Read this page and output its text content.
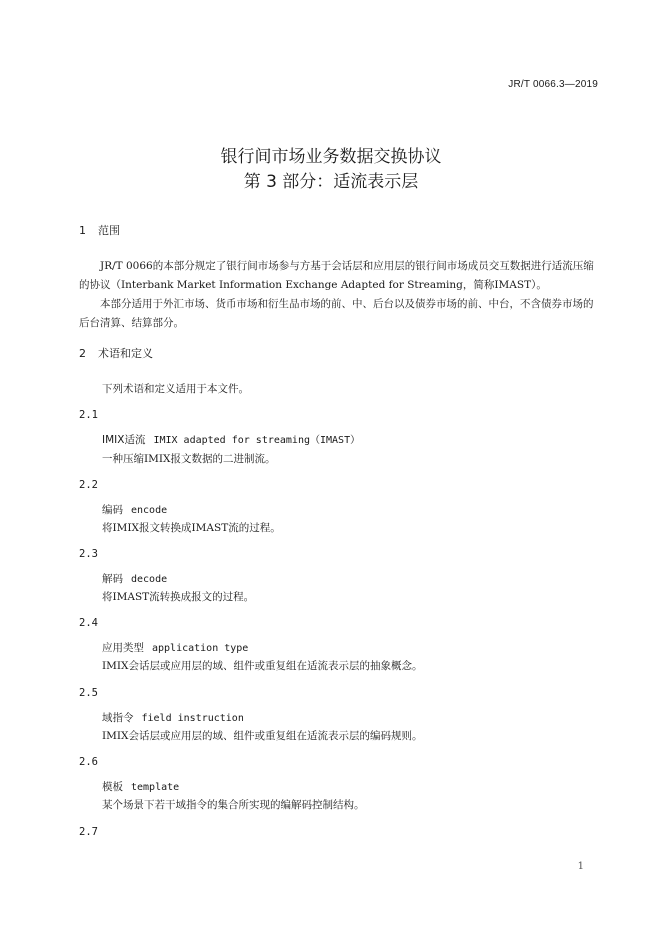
JR/T 0066.3—2019
银行间市场业务数据交换协议
第 3 部分：适流表示层
1 范围
JR/T 0066的本部分规定了银行间市场参与方基于会话层和应用层的银行间市场成员交互数据进行适流压缩的协议（Interbank Market Information Exchange Adapted for Streaming，简称IMAST）。
本部分适用于外汇市场、货币市场和衍生品市场的前、中、后台以及债券市场的前、中台，不含债券市场的后台清算、结算部分。
2 术语和定义
下列术语和定义适用于本文件。
2.1
IMIX适流 IMIX adapted for streaming（IMAST）
一种压缩IMIX报文数据的二进制流。
2.2
编码 encode
将IMIX报文转换成IMAST流的过程。
2.3
解码 decode
将IMAST流转换成报文的过程。
2.4
应用类型 application type
IMIX会话层或应用层的域、组件或重复组在适流表示层的抽象概念。
2.5
域指令 field instruction
IMIX会话层或应用层的域、组件或重复组在适流表示层的编码规则。
2.6
模板 template
某个场景下若干域指令的集合所实现的编解码控制结构。
2.7
1
